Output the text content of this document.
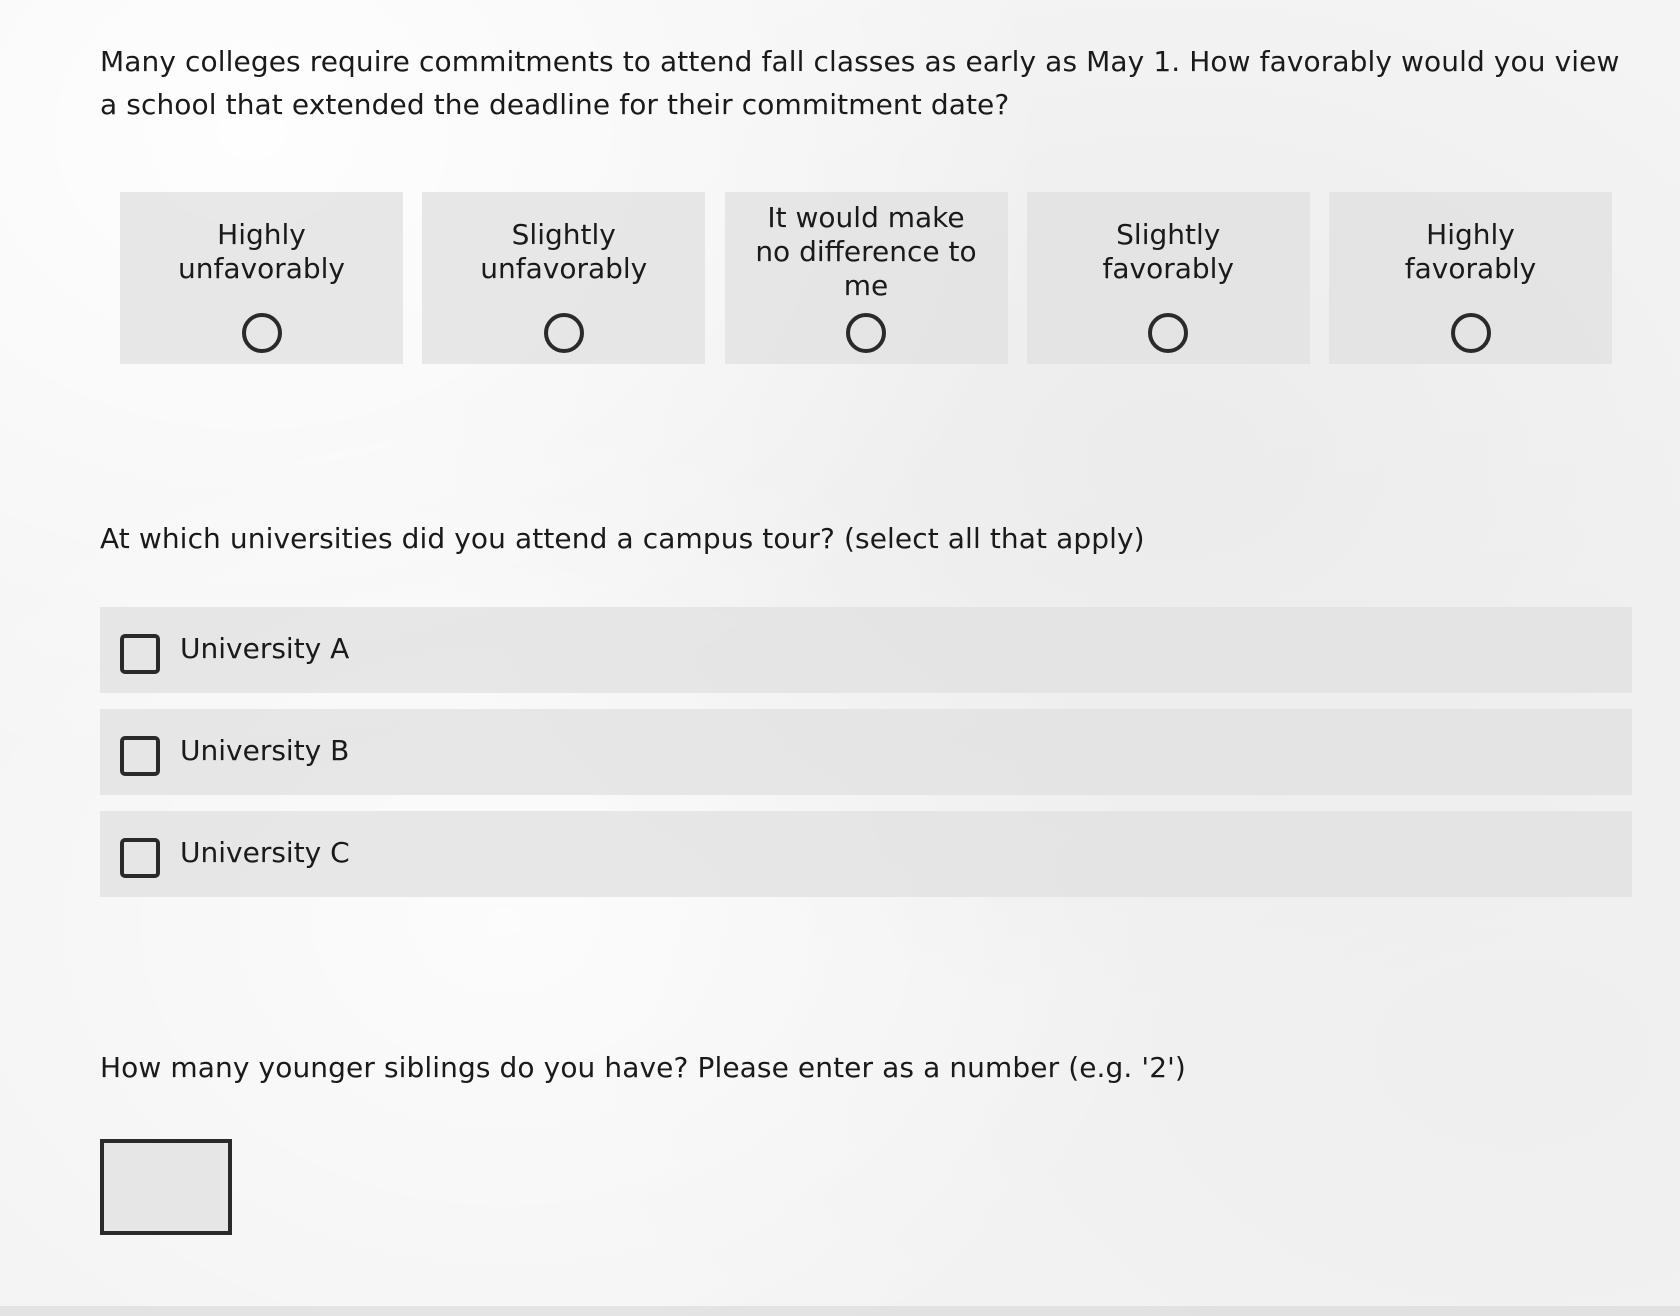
Many colleges require commitments to attend fall classes as early as May 1. How favorably would you view a school that extended the deadline for their commitment date?

Highly unfavorably
Slightly unfavorably
It would make no difference to me
Slightly favorably
Highly favorably

At which universities did you attend a campus tour? (select all that apply)

University A
University B
University C

How many younger siblings do you have? Please enter as a number (e.g. '2')
